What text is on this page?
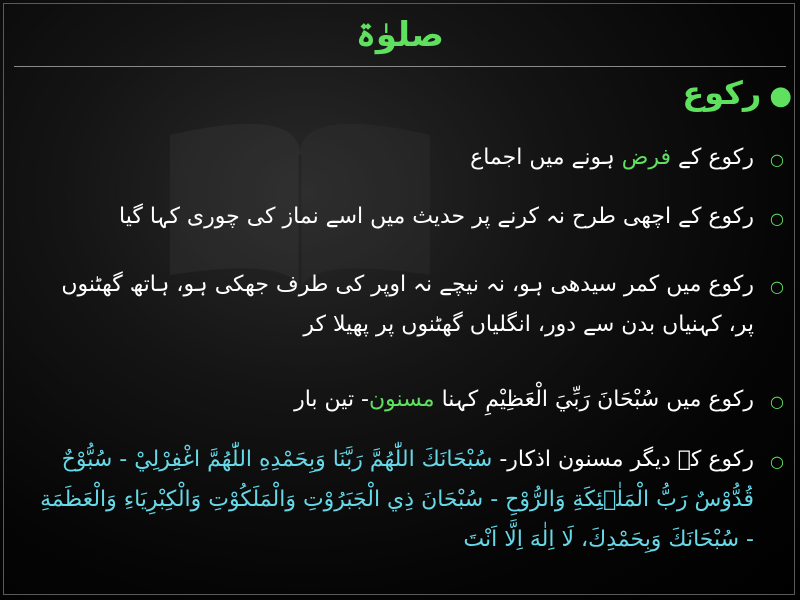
صلوٰۃ
●رکوع
○
رکوع کے فرض ہونے میں اجماع
○
رکوع کے اچھی طرح نہ کرنے پر حدیث میں اسے نماز کی چوری کہا گیا
○
رکوع میں کمر سیدھی ہو، نہ نیچے نہ اوپر کی طرف جھکی ہو، ہاتھ گھٹنوں پر، کہنیاں بدن سے دور، انگلیاں گھٹنوں پر پھیلا کر
○
رکوع میں سُبْحَانَ رَبِّيَ الْعَظِيْمِ کہنا مسنون- تین بار
○
رکوع کے دیگر مسنون اذکار- سُبْحَانَكَ اللّٰهُمَّ رَبَّنَا وَبِحَمْدِهِ اللّٰهُمَّ اغْفِرْلِيْ - سُبُّوْحٌ قُدُّوْسٌ رَبُّ الْمَلٰۤئِكَةِ وَالرُّوْحِ - سُبْحَانَ ذِي الْجَبَرُوْتِ وَالْمَلَكُوْتِ وَالْكِبْرِيَاءِ وَالْعَظَمَةِ - سُبْحَانَكَ وَبِحَمْدِكَ، لَا اِلٰهَ اِلَّا اَنْتَ
